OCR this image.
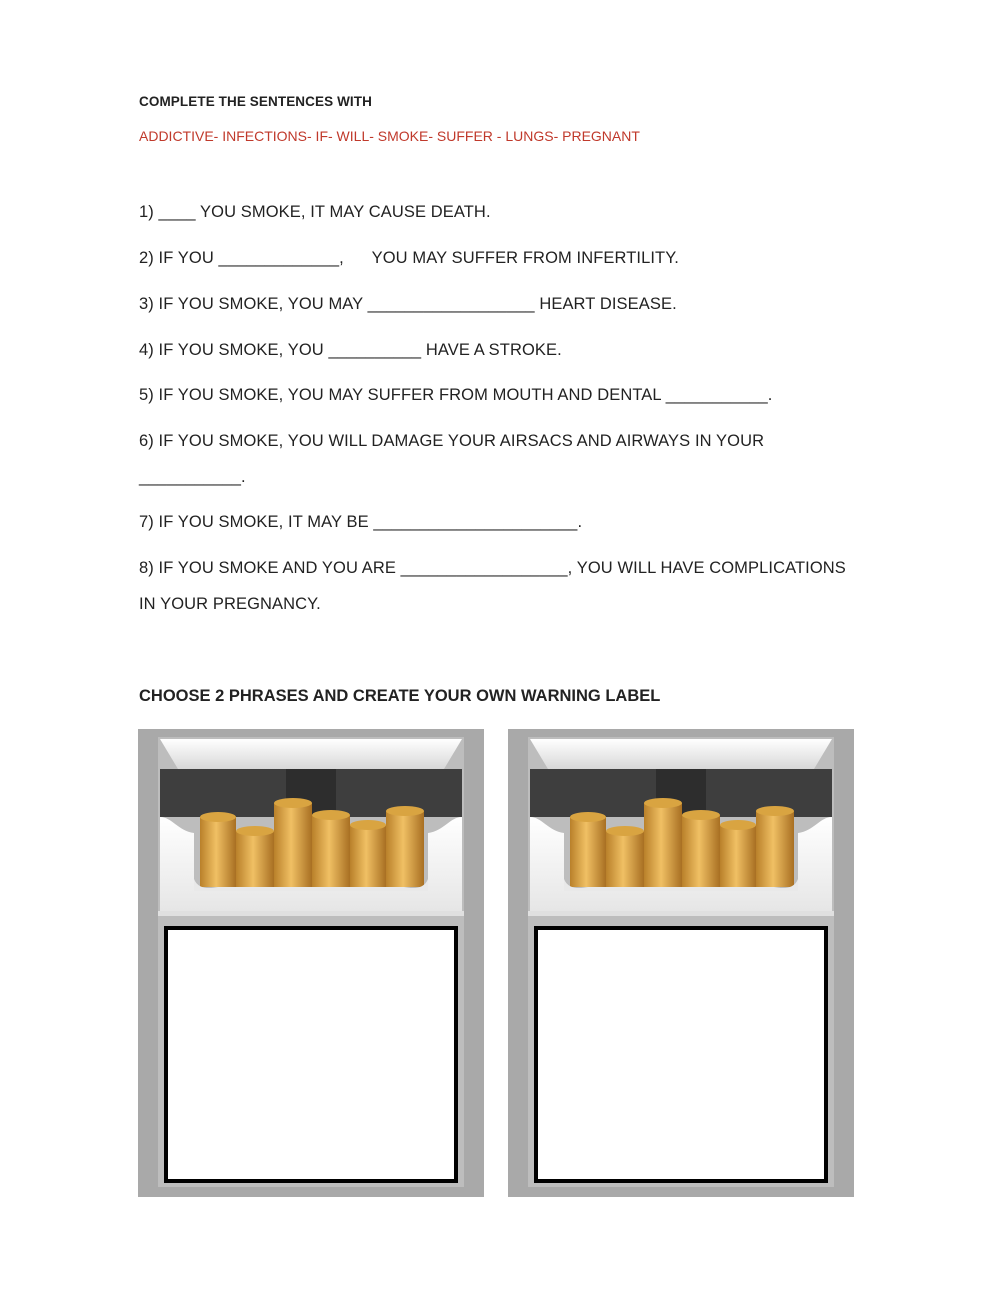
COMPLETE THE SENTENCES WITH
ADDICTIVE- INFECTIONS- IF- WILL- SMOKE- SUFFER - LUNGS- PREGNANT
1) ____ YOU SMOKE, IT MAY CAUSE DEATH.
2) IF YOU _____________,      YOU MAY SUFFER FROM INFERTILITY.
3) IF YOU SMOKE, YOU MAY __________________ HEART DISEASE.
4) IF YOU SMOKE, YOU __________ HAVE A STROKE.
5) IF YOU SMOKE, YOU MAY SUFFER FROM MOUTH AND DENTAL ___________.
6) IF YOU SMOKE, YOU WILL DAMAGE YOUR AIRSACS AND AIRWAYS IN YOUR
___________.
7) IF YOU SMOKE, IT MAY BE ______________________.
8) IF YOU SMOKE AND YOU ARE __________________, YOU WILL HAVE COMPLICATIONS
IN YOUR PREGNANCY.
CHOOSE 2 PHRASES AND CREATE YOUR OWN WARNING LABEL
